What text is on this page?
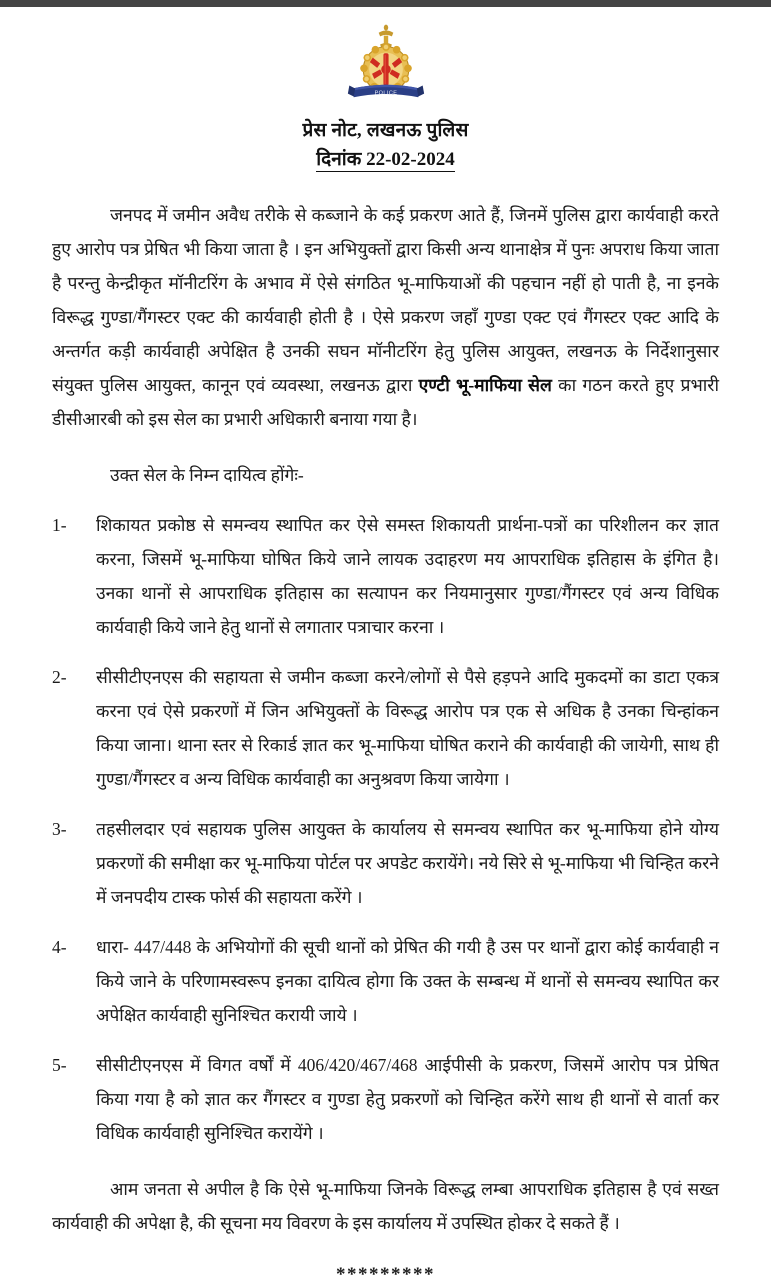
POLICE
प्रेस नोट, लखनऊ पुलिस
दिनांक 22-02-2024

जनपद में जमीन अवैध तरीके से कब्जाने के कई प्रकरण आते हैं, जिनमें पुलिस द्वारा कार्यवाही करते हुए आरोप पत्र प्रेषित भी किया जाता है । इन अभियुक्तों द्वारा किसी अन्य थानाक्षेत्र में पुनः अपराध किया जाता है परन्तु केन्द्रीकृत मॉनीटरिंग के अभाव में ऐसे संगठित भू-माफियाओं की पहचान नहीं हो पाती है, ना इनके विरूद्ध गुण्डा/गैंगस्टर एक्ट की कार्यवाही होती है । ऐसे प्रकरण जहाँ गुण्डा एक्ट एवं गैंगस्टर एक्ट आदि के अन्तर्गत कड़ी कार्यवाही अपेक्षित है उनकी सघन मॉनीटरिंग हेतु पुलिस आयुक्त, लखनऊ के निर्देशानुसार संयुक्त पुलिस आयुक्त, कानून एवं व्यवस्था, लखनऊ द्वारा एण्टी भू-माफिया सेल का गठन करते हुए प्रभारी डीसीआरबी को इस सेल का प्रभारी अधिकारी बनाया गया है।

उक्त सेल के निम्न दायित्व होंगेः-

1-	शिकायत प्रकोष्ठ से समन्वय स्थापित कर ऐसे समस्त शिकायती प्रार्थना-पत्रों का परिशीलन कर ज्ञात करना, जिसमें भू-माफिया घोषित किये जाने लायक उदाहरण मय आपराधिक इतिहास के इंगित है। उनका थानों से आपराधिक इतिहास का सत्यापन कर नियमानुसार गुण्डा/गैंगस्टर एवं अन्य विधिक कार्यवाही किये जाने हेतु थानों से लगातार पत्राचार करना ।
2-	सीसीटीएनएस की सहायता से जमीन कब्जा करने/लोगों से पैसे हड़पने आदि मुकदमों का डाटा एकत्र करना एवं ऐसे प्रकरणों में जिन अभियुक्तों के विरूद्ध आरोप पत्र एक से अधिक है उनका चिन्हांकन किया जाना। थाना स्तर से रिकार्ड ज्ञात कर भू-माफिया घोषित कराने की कार्यवाही की जायेगी, साथ ही गुण्डा/गैंगस्टर व अन्य विधिक कार्यवाही का अनुश्रवण किया जायेगा ।
3-	तहसीलदार एवं सहायक पुलिस आयुक्त के कार्यालय से समन्वय स्थापित कर भू-माफिया होने योग्य प्रकरणों की समीक्षा कर भू-माफिया पोर्टल पर अपडेट करायेंगे। नये सिरे से भू-माफिया भी चिन्हित करने में जनपदीय टास्क फोर्स की सहायता करेंगे ।
4-	धारा- 447/448 के अभियोगों की सूची थानों को प्रेषित की गयी है उस पर थानों द्वारा कोई कार्यवाही न किये जाने के परिणामस्वरूप इनका दायित्व होगा कि उक्त के सम्बन्ध में थानों से समन्वय स्थापित कर अपेक्षित कार्यवाही सुनिश्चित करायी जाये ।
5-	सीसीटीएनएस में विगत वर्षों में 406/420/467/468 आईपीसी के प्रकरण, जिसमें आरोप पत्र प्रेषित किया गया है को ज्ञात कर गैंगस्टर व गुण्डा हेतु प्रकरणों को चिन्हित करेंगे साथ ही थानों से वार्ता कर विधिक कार्यवाही सुनिश्चित करायेंगे ।

आम जनता से अपील है कि ऐसे भू-माफिया जिनके विरूद्ध लम्बा आपराधिक इतिहास है एवं सख्त कार्यवाही की अपेक्षा है, की सूचना मय विवरण के इस कार्यालय में उपस्थित होकर दे सकते हैं ।

*********
